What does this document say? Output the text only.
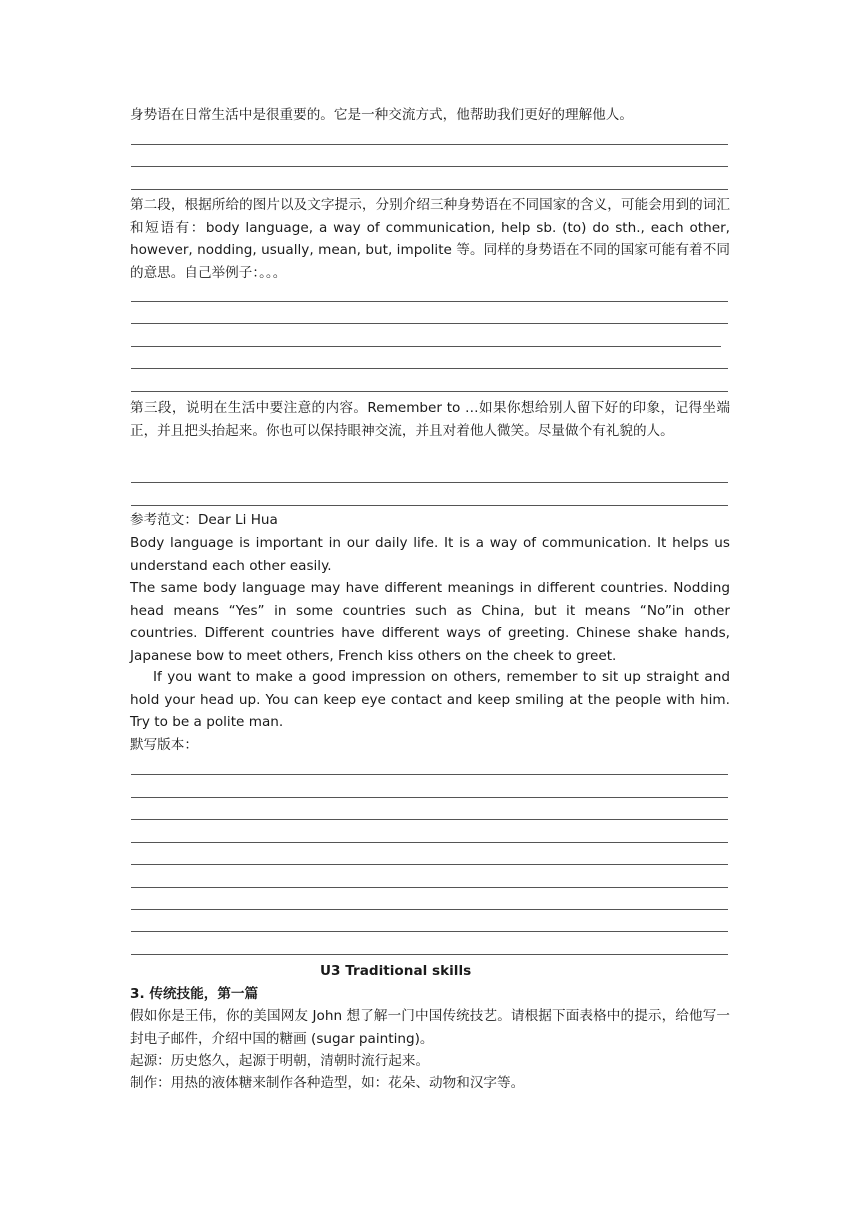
身势语在日常生活中是很重要的。它是一种交流方式，他帮助我们更好的理解他人。
第二段，根据所给的图片以及文字提示，分别介绍三种身势语在不同国家的含义，可能会用到的词汇和短语有：body language, a way of communication, help sb. (to) do sth., each other, however, nodding, usually, mean, but, impolite 等。同样的身势语在不同的国家可能有着不同的意思。自己举例子：。。。
第三段，说明在生活中要注意的内容。Remember to …如果你想给别人留下好的印象，记得坐端正，并且把头抬起来。你也可以保持眼神交流，并且对着他人微笑。尽量做个有礼貌的人。
参考范文：Dear Li Hua
Body language is important in our daily life. It is a way of communication. It helps us understand each other easily.
The same body language may have different meanings in different countries. Nodding head means “Yes” in some countries such as China, but it means “No”in other countries. Different countries have different ways of greeting. Chinese shake hands, Japanese bow to meet others, French kiss others on the cheek to greet.
If you want to make a good impression on others, remember to sit up straight and hold your head up. You can keep eye contact and keep smiling at the people with him. Try to be a polite man.
默写版本：
U3 Traditional skills
3. 传统技能，第一篇
假如你是王伟，你的美国网友 John 想了解一门中国传统技艺。请根据下面表格中的提示，给他写一封电子邮件，介绍中国的糖画 (sugar painting)。
起源：历史悠久，起源于明朝，清朝时流行起来。
制作：用热的液体糖来制作各种造型，如：花朵、动物和汉字等。
